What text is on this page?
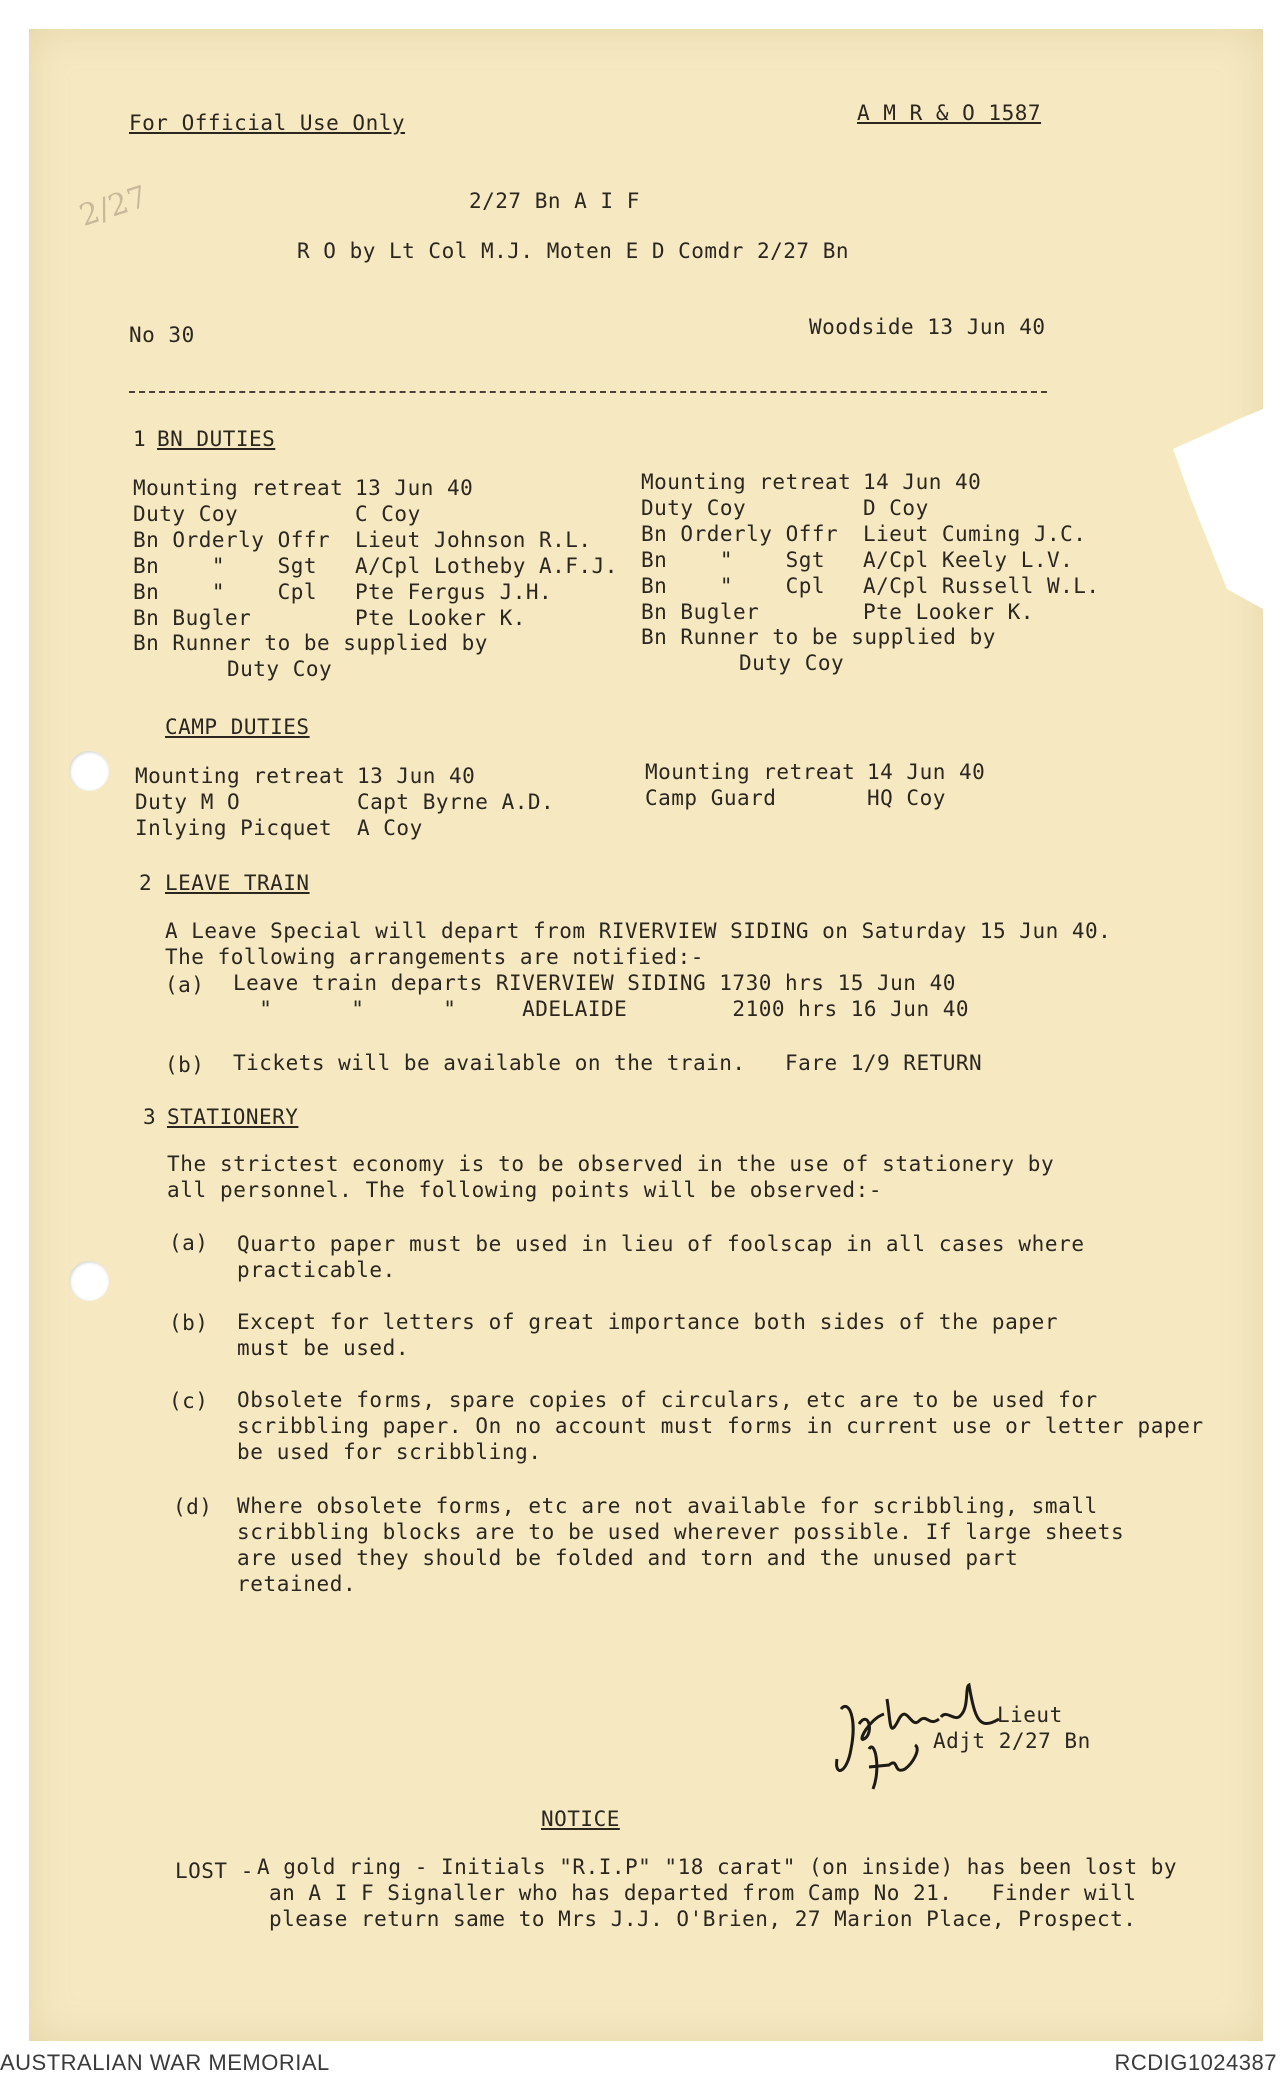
For Official Use Only	A M R & O 1587
2/27	2/27 Bn A I F
R O by Lt Col M.J. Moten E D Comdr 2/27 Bn
No 30	Woodside 13 Jun 40
1 BN DUTIES
Mounting retreat 13 Jun 40
Duty Coy	C Coy
Bn Orderly Offr	Lieut Johnson R.L.
Bn    "    Sgt	A/Cpl Lotheby A.F.J.
Bn    "    Cpl	Pte Fergus J.H.
Bn Bugler	Pte Looker K.
Bn Runner to be supplied by
Duty Coy
Mounting retreat 14 Jun 40
Duty Coy	D Coy
Bn Orderly Offr	Lieut Cuming J.C.
Bn    "    Sgt	A/Cpl Keely L.V.
Bn    "    Cpl	A/Cpl Russell W.L.
Bn Bugler	Pte Looker K.
Bn Runner to be supplied by
Duty Coy
CAMP DUTIES
Mounting retreat 13 Jun 40
Duty M O	Capt Byrne A.D.
Inlying Picquet	A Coy
Mounting retreat 14 Jun 40
Camp Guard	HQ Coy
2 LEAVE TRAIN
A Leave Special will depart from RIVERVIEW SIDING on Saturday 15 Jun 40.
The following arrangements are notified:-
(a) Leave train departs RIVERVIEW SIDING 1730 hrs 15 Jun 40
"      "      "     ADELAIDE        2100 hrs 16 Jun 40
(b) Tickets will be available on the train.   Fare 1/9 RETURN
3 STATIONERY
The strictest economy is to be observed in the use of stationery by all personnel. The following points will be observed:-
(a) Quarto paper must be used in lieu of foolscap in all cases where practicable.
(b) Except for letters of great importance both sides of the paper must be used.
(c) Obsolete forms, spare copies of circulars, etc are to be used for scribbling paper. On no account must forms in current use or letter paper be used for scribbling.
(d) Where obsolete forms, etc are not available for scribbling, small scribbling blocks are to be used wherever possible. If large sheets are used they should be folded and torn and the unused part retained.
Lieut
Adjt 2/27 Bn
NOTICE
LOST - A gold ring - Initials "R.I.P" "18 carat" (on inside) has been lost by
an A I F Signaller who has departed from Camp No 21.   Finder will
please return same to Mrs J.J. O'Brien, 27 Marion Place, Prospect.
AUSTRALIAN WAR MEMORIAL	RCDIG1024387
